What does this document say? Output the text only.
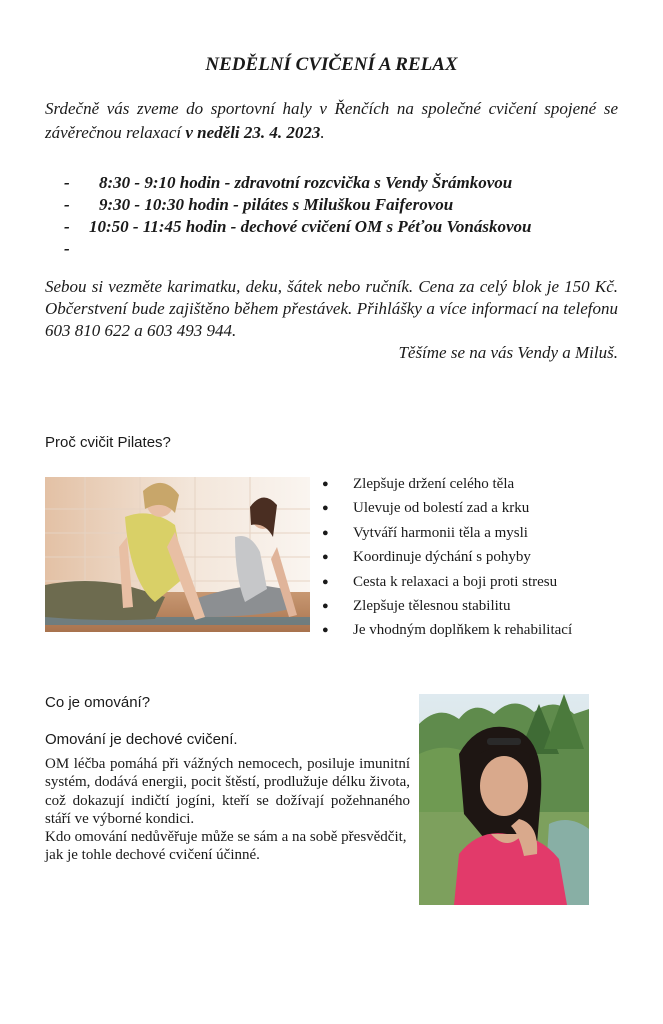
NEDĚLNÍ CVIČENÍ A RELAX
Srdečně vás zveme do sportovní haly v Řenčích na společné cvičení spojené se závěrečnou relaxací v neděli 23. 4. 2023.
- 8:30 - 9:10 hodin - zdravotní rozcvička s Vendy Šrámkovou
- 9:30 - 10:30 hodin - pilátes s Miluškou Faiferovou
- 10:50 - 11:45 hodin - dechové cvičení OM s Péťou Vonáskovou
-
Sebou si vezměte karimatku, deku, šátek nebo ručník. Cena za celý blok je 150 Kč. Občerstvení bude zajištěno během přestávek. Přihlášky a více informací na telefonu 603 810 622 a 603 493 944.
Těšíme se na vás Vendy a Miluš.
Proč cvičit Pilates?
● Zlepšuje držení celého těla
● Ulevuje od bolestí zad a krku
● Vytváří harmonii těla a mysli
● Koordinuje dýchání s pohyby
● Cesta k relaxaci a boji proti stresu
● Zlepšuje tělesnou stabilitu
● Je vhodným doplňkem k rehabilitací
Co je omování?
Omování je dechové cvičení.

OM léčba pomáhá při vážných nemocech, posiluje imunitní systém, dodává energii, pocit štěstí, prodlužuje délku života, což dokazují indičtí jogíni, kteří se dožívají požehnaného stáří ve výborné kondici.

Kdo omování nedůvěřuje může se sám a na sobě přesvědčit, jak je tohle dechové cvičení účinné.
